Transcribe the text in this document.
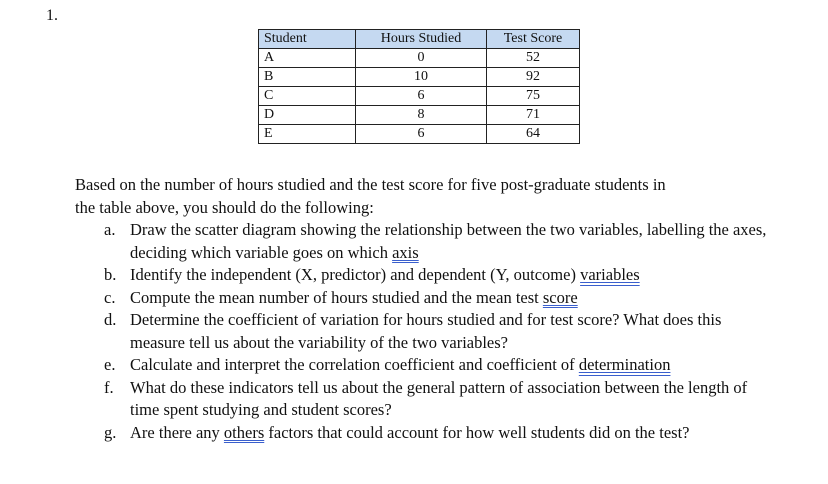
1.
Student	Hours Studied	Test Score
A	0	52
B	10	92
C	6	75
D	8	71
E	6	64

Based on the number of hours studied and the test score for five post-graduate students in

the table above, you should do the following:

a. Draw the scatter diagram showing the relationship between the two variables, labelling the axes, deciding which variable goes on which axis
b. Identify the independent (X, predictor) and dependent (Y, outcome) variables
c. Compute the mean number of hours studied and the mean test score
d. Determine the coefficient of variation for hours studied and for test score? What does this measure tell us about the variability of the two variables?
e. Calculate and interpret the correlation coefficient and coefficient of determination
f. What do these indicators tell us about the general pattern of association between the length of time spent studying and student scores?
g. Are there any others factors that could account for how well students did on the test?
